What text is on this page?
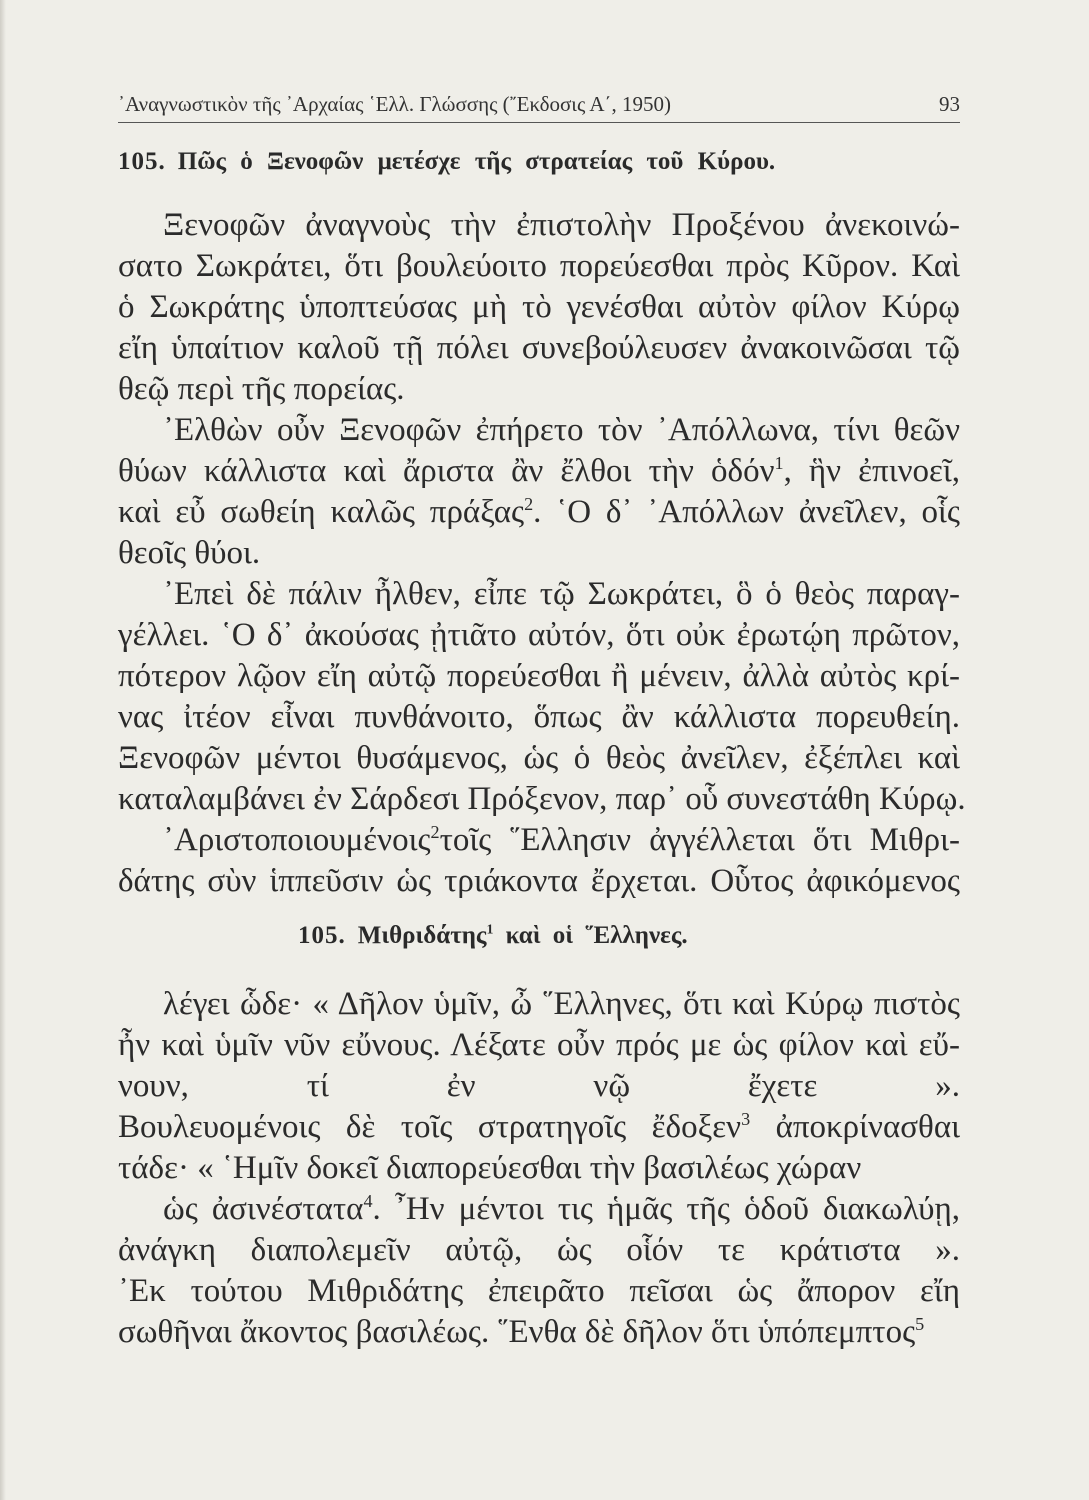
᾿Αναγνωστικὸν τῆς ᾿Αρχαίας ῾Ελλ. Γλώσσης (῎Εκδοσις Α΄, 1950)	93
105. Πῶς ὁ Ξενοφῶν μετέσχε τῆς στρατείας τοῦ Κύρου.
Ξενοφῶν ἀναγνοὺς τὴν ἐπιστολὴν Προξένου ἀνεκοινώ-
σατο Σωκράτει, ὅτι βουλεύοιτο πορεύεσθαι πρὸς Κῦρον. Καὶ
ὁ Σωκράτης ὑποπτεύσας μὴ τὸ γενέσθαι αὐτὸν φίλον Κύρῳ
εἴη ὑπαίτιον καλοῦ τῇ πόλει συνεβούλευσεν ἀνακοινῶσαι τῷ
θεῷ περὶ τῆς πορείας.
᾿Ελθὼν οὖν Ξενοφῶν ἐπήρετο τὸν ᾿Απόλλωνα, τίνι θεῶν
θύων κάλλιστα καὶ ἄριστα ἂν ἔλθοι τὴν ὁδόν$^1$, ἣν ἐπινοεῖ,
καὶ εὖ σωθείη καλῶς πράξας$^2$. ῾Ο δ᾿ ᾿Απόλλων ἀνεῖλεν, οἷς
θεοῖς θύοι.
᾿Επεὶ δὲ πάλιν ἦλθεν, εἶπε τῷ Σωκράτει, ὃ ὁ θεὸς παραγ-
γέλλει. ῾Ο δ᾿ ἀκούσας ᾐτιᾶτο αὐτόν, ὅτι οὐκ ἐρωτῴη πρῶτον,
πότερον λῷον εἴη αὐτῷ πορεύεσθαι ἢ μένειν, ἀλλὰ αὐτὸς κρί-
νας ἰτέον εἶναι πυνθάνοιτο, ὅπως ἂν κάλλιστα πορευθείη.
Ξενοφῶν μέντοι θυσάμενος, ὡς ὁ θεὸς ἀνεῖλεν, ἐξέπλει καὶ
καταλαμβάνει ἐν Σάρδεσι Πρόξενον, παρ᾿ οὗ συνεστάθη Κύρῳ.
105. Μιθριδάτης$^1$ καὶ οἱ ῞Ελληνες.
᾿Αριστοποιουμένοις$^2$τοῖς ῞Ελλησιν ἀγγέλλεται ὅτι Μιθρι-
δάτης σὺν ἱππεῦσιν ὡς τριάκοντα ἔρχεται. Οὗτος ἀφικόμενος
λέγει ὧδε· « Δῆλον ὑμῖν, ὦ ῞Ελληνες, ὅτι καὶ Κύρῳ πιστὸς
ἦν καὶ ὑμῖν νῦν εὔνους. Λέξατε οὖν πρός με ὡς φίλον καὶ εὔ-
νουν, τί ἐν νῷ ἔχετε ».
Βουλευομένοις δὲ τοῖς στρατηγοῖς ἔδοξεν$^3$ ἀποκρίνασθαι
τάδε· « ῾Ημῖν δοκεῖ διαπορεύεσθαι τὴν βασιλέως χώραν
ὡς ἀσινέστατα$^4$. ῏Ην μέντοι τις ἡμᾶς τῆς ὁδοῦ διακωλύῃ,
ἀνάγκη διαπολεμεῖν αὐτῷ, ὡς οἷόν τε κράτιστα ».
᾿Εκ τούτου Μιθριδάτης ἐπειρᾶτο πεῖσαι ὡς ἄπορον εἴη
σωθῆναι ἄκοντος βασιλέως. ῞Ενθα δὲ δῆλον ὅτι ὑπόπεμπτος$^5$
